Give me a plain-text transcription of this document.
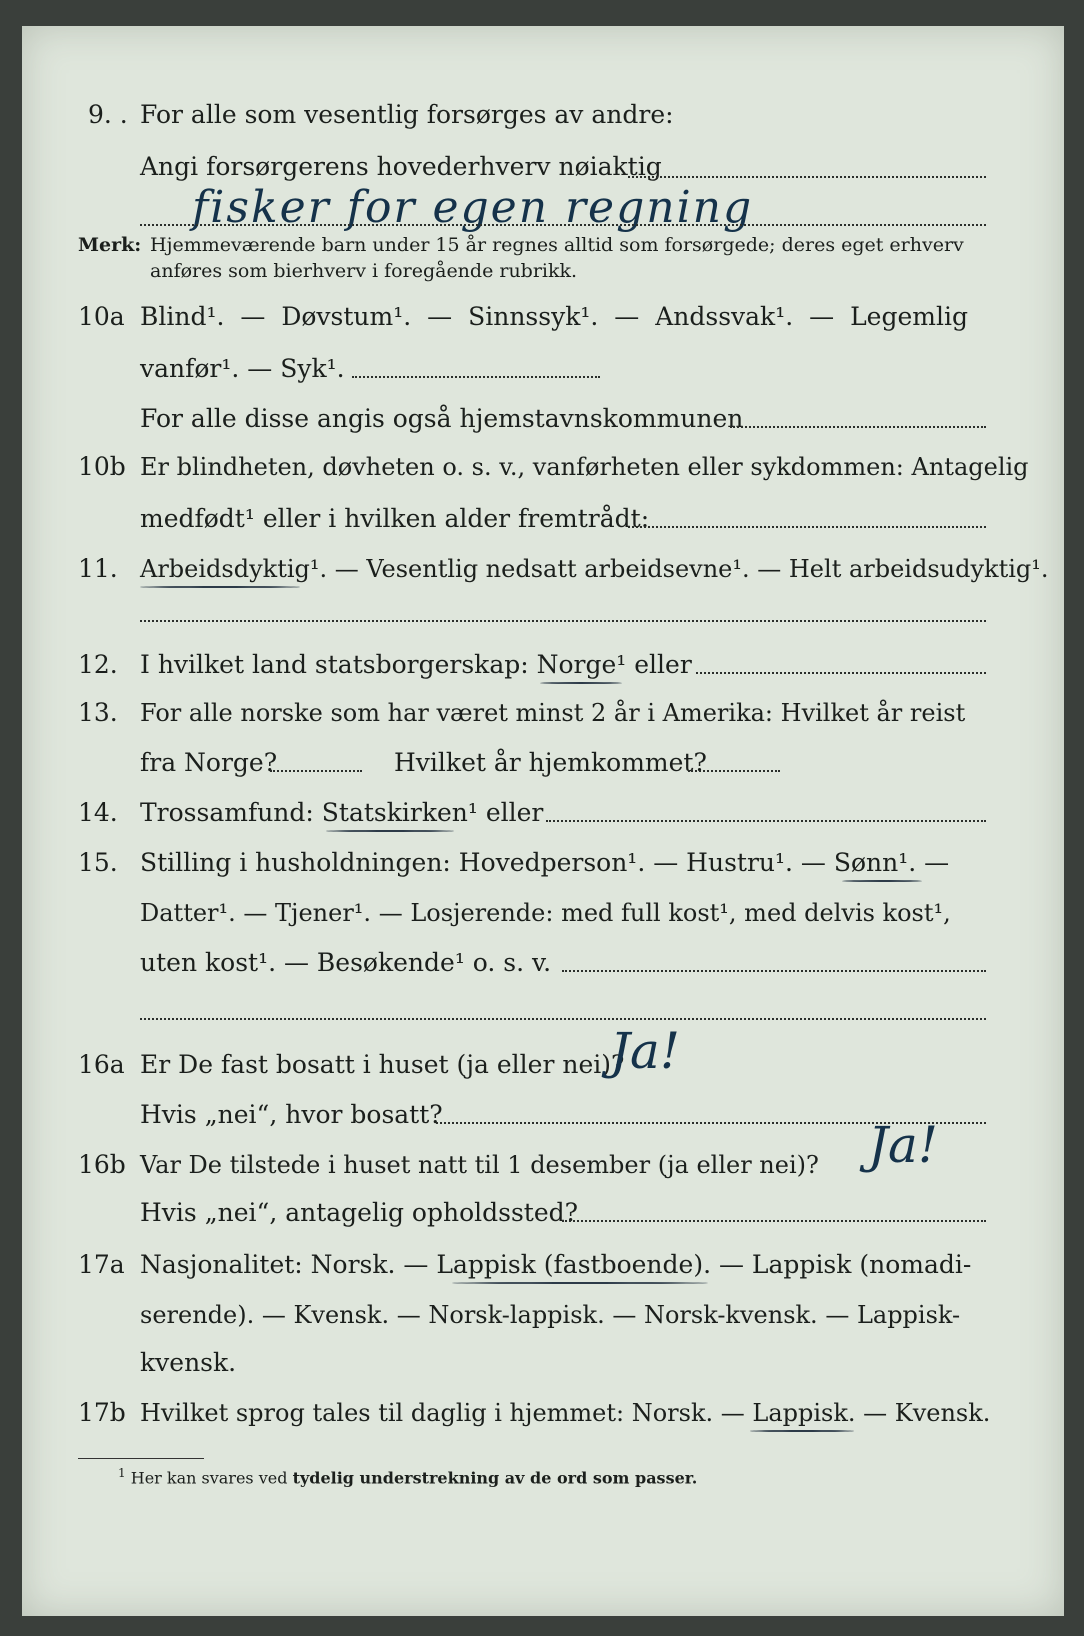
9. . For alle som vesentlig forsørges av andre:
Angi forsørgerens hovederhverv nøiaktig
fisker for egen regning
Merk: Hjemmeværende barn under 15 år regnes alltid som forsørgede; deres eget erhverv
anføres som bierhverv i foregående rubrikk.
10a Blind¹. — Døvstum¹. — Sinnssyk¹. — Andssvak¹. — Legemlig
vanfør¹. — Syk¹.
For alle disse angis også hjemstavnskommunen
10b Er blindheten, døvheten o. s. v., vanførheten eller sykdommen: Antagelig
medfødt¹ eller i hvilken alder fremtrådt:
11. Arbeidsdyktig¹. — Vesentlig nedsatt arbeidsevne¹. — Helt arbeidsudyktig¹.
12. I hvilket land statsborgerskap: Norge¹ eller
13. For alle norske som har været minst 2 år i Amerika: Hvilket år reist
fra Norge?	Hvilket år hjemkommet?
14. Trossamfund: Statskirken¹ eller
15. Stilling i husholdningen: Hovedperson¹. — Hustru¹. — Sønn¹. —
Datter¹. — Tjener¹. — Losjerende: med full kost¹, med delvis kost¹,
uten kost¹. — Besøkende¹ o. s. v.
16a Er De fast bosatt i huset (ja eller nei)?
Ja!
Hvis „nei“, hvor bosatt?
16b Var De tilstede i huset natt til 1 desember (ja eller nei)? Ja!
Hvis „nei“, antagelig opholdssted?
17a Nasjonalitet: Norsk. — Lappisk (fastboende). — Lappisk (nomadi-
serende). — Kvensk. — Norsk-lappisk. — Norsk-kvensk. — Lappisk-
kvensk.
17b Hvilket sprog tales til daglig i hjemmet: Norsk. — Lappisk. — Kvensk.
$^1$ Her kan svares ved tydelig understrekning av de ord som passer.
